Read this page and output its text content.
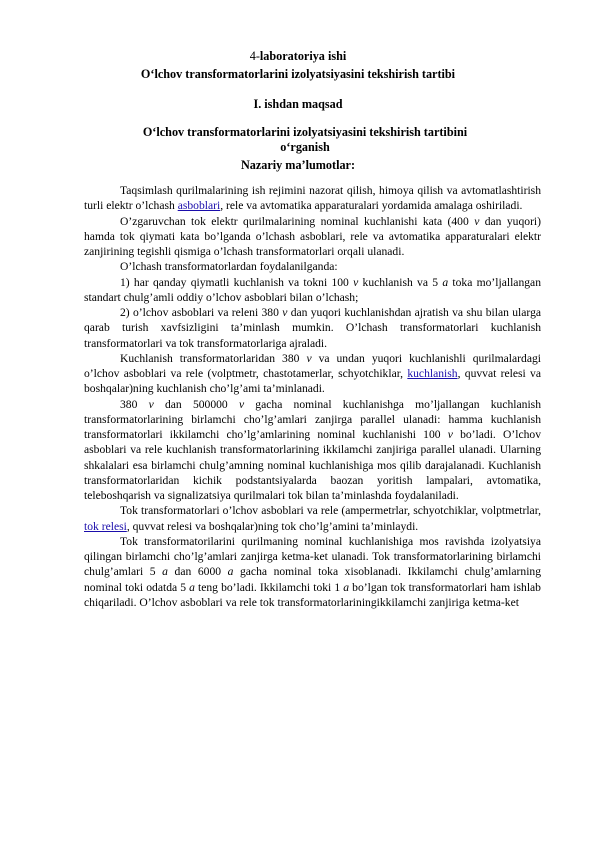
4-laboratoriya ishi
O‘lchov transformatorlarini izolyatsiyasini tekshirish tartibi
I. ishdan maqsad
O‘lchov transformatorlarini izolyatsiyasini tekshirish tartibini
o‘rganish
Nazariy ma’lumotlar:

Taqsimlash qurilmalarining ish rejimini nazorat qilish, himoya qilish va avtomatlashtirish turli elektr o’lchash asboblari, rele va avtomatika apparaturalari yordamida amalaga oshiriladi.

O’zgaruvchan tok elektr qurilmalarining nominal kuchlanishi kata (400 v dan yuqori) hamda tok qiymati kata bo’lganda o’lchash asboblari, rele va avtomatika apparaturalari elektr zanjirining tegishli qismiga o’lchash transformatorlari orqali ulanadi.

O’lchash transformatorlardan foydalanilganda:

1) har qanday qiymatli kuchlanish va tokni 100 v kuchlanish va 5 a toka mo’ljallangan standart chulg’amli oddiy o’lchov asboblari bilan o’lchash;

2) o’lchov asboblari va releni 380 v dan yuqori kuchlanishdan ajratish va shu bilan ularga qarab turish xavfsizligini ta’minlash mumkin. O’lchash transformatorlari kuchlanish transformatorlari va tok transformatorlariga ajraladi.

Kuchlanish transformatorlaridan 380 v va undan yuqori kuchlanishli qurilmalardagi o’lchov asboblari va rele (volptmetr, chastotamerlar, schyotchiklar, kuchlanish, quvvat relesi va boshqalar)ning kuchlanish cho’lg’ami ta’minlanadi.

380 v dan 500000 v gacha nominal kuchlanishga mo’ljallangan kuchlanish transformatorlarining birlamchi cho’lg’amlari zanjirga parallel ulanadi: hamma kuchlanish transformatorlari ikkilamchi cho’lg’amlarining nominal kuchlanishi 100 v bo’ladi. O’lchov asboblari va rele kuchlanish transformatorlarining ikkilamchi zanjiriga parallel ulanadi. Ularning shkalalari esa birlamchi chulg’amning nominal kuchlanishiga mos qilib darajalanadi. Kuchlanish transformatorlaridan kichik podstantsiyalarda baozan yoritish lampalari, avtomatika, teleboshqarish va signalizatsiya qurilmalari tok bilan ta’minlashda foydalaniladi.

Tok transformatorlari o’lchov asboblari va rele (ampermetrlar, schyotchiklar, volptmetrlar, tok relesi, quvvat relesi va boshqalar)ning tok cho’lg’amini ta’minlaydi.

Tok transformatorilarini qurilmaning nominal kuchlanishiga mos ravishda izolyatsiya qilingan birlamchi cho’lg’amlari zanjirga ketma-ket ulanadi. Tok transformatorlarining birlamchi chulg’amlari 5 a dan 6000 a gacha nominal toka xisoblanadi. Ikkilamchi chulg’amlarning nominal toki odatda 5 a teng bo’ladi. Ikkilamchi toki 1 a bo’lgan tok transformatorlari ham ishlab chiqariladi. O’lchov asboblari va rele tok transformatorlariningikkilamchi zanjiriga ketma-ket
